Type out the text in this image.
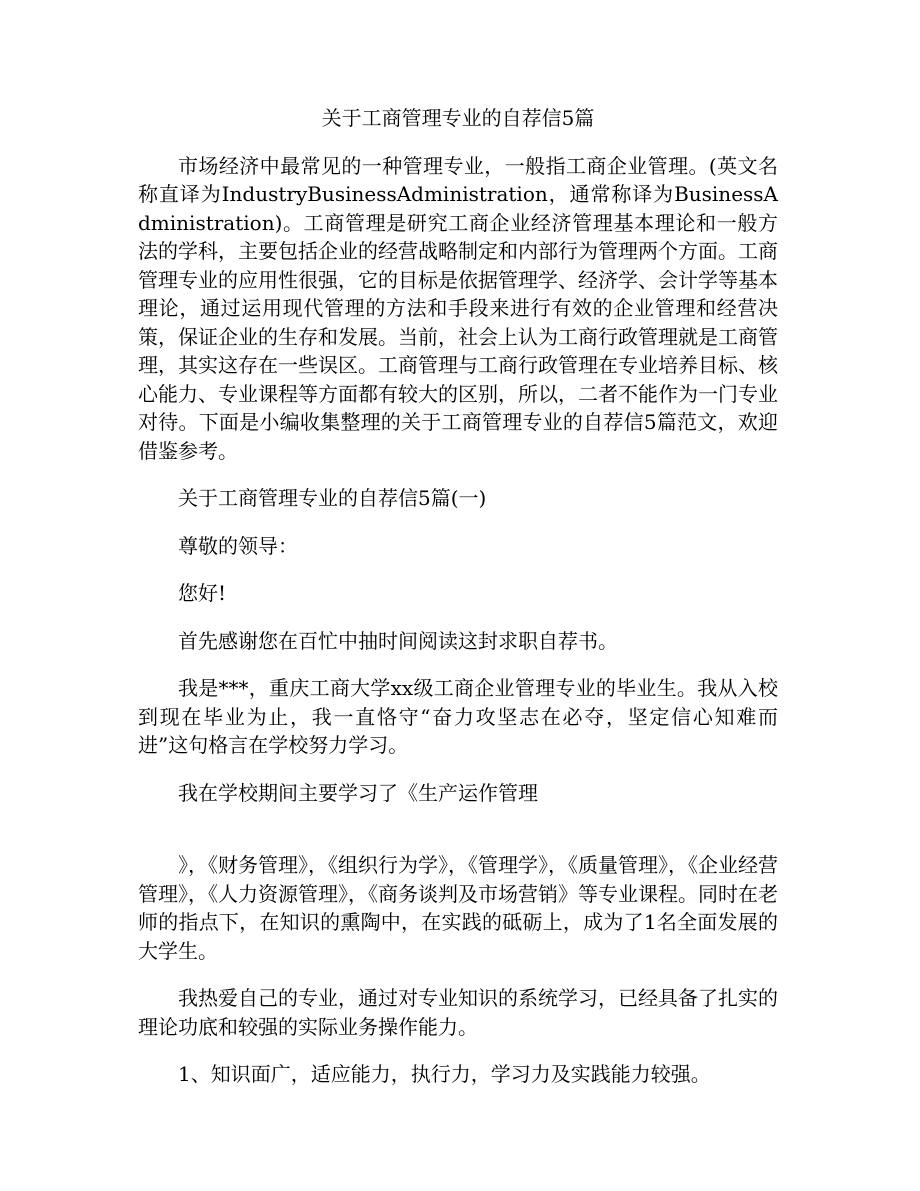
关于工商管理专业的自荐信5篇

市场经济中最常见的一种管理专业，一般指工商企业管理。(英文名称直译为IndustryBusinessAdministration，通常称译为BusinessAdministration)。工商管理是研究工商企业经济管理基本理论和一般方法的学科，主要包括企业的经营战略制定和内部行为管理两个方面。工商管理专业的应用性很强，它的目标是依据管理学、经济学、会计学等基本理论，通过运用现代管理的方法和手段来进行有效的企业管理和经营决策，保证企业的生存和发展。当前，社会上认为工商行政管理就是工商管理，其实这存在一些误区。工商管理与工商行政管理在专业培养目标、核心能力、专业课程等方面都有较大的区别，所以，二者不能作为一门专业对待。下面是小编收集整理的关于工商管理专业的自荐信5篇范文，欢迎借鉴参考。

关于工商管理专业的自荐信5篇(一)

尊敬的领导：

您好!

首先感谢您在百忙中抽时间阅读这封求职自荐书。

我是***，重庆工商大学xx级工商企业管理专业的毕业生。我从入校到现在毕业为止，我一直恪守“奋力攻坚志在必夺，坚定信心知难而进”这句格言在学校努力学习。

我在学校期间主要学习了《生产运作管理

》，《财务管理》，《组织行为学》，《管理学》，《质量管理》，《企业经营管理》，《人力资源管理》，《商务谈判及市场营销》等专业课程。同时在老师的指点下，在知识的熏陶中，在实践的砥砺上，成为了1名全面发展的大学生。

我热爱自己的专业，通过对专业知识的系统学习，已经具备了扎实的理论功底和较强的实际业务操作能力。

1、知识面广，适应能力，执行力，学习力及实践能力较强。
